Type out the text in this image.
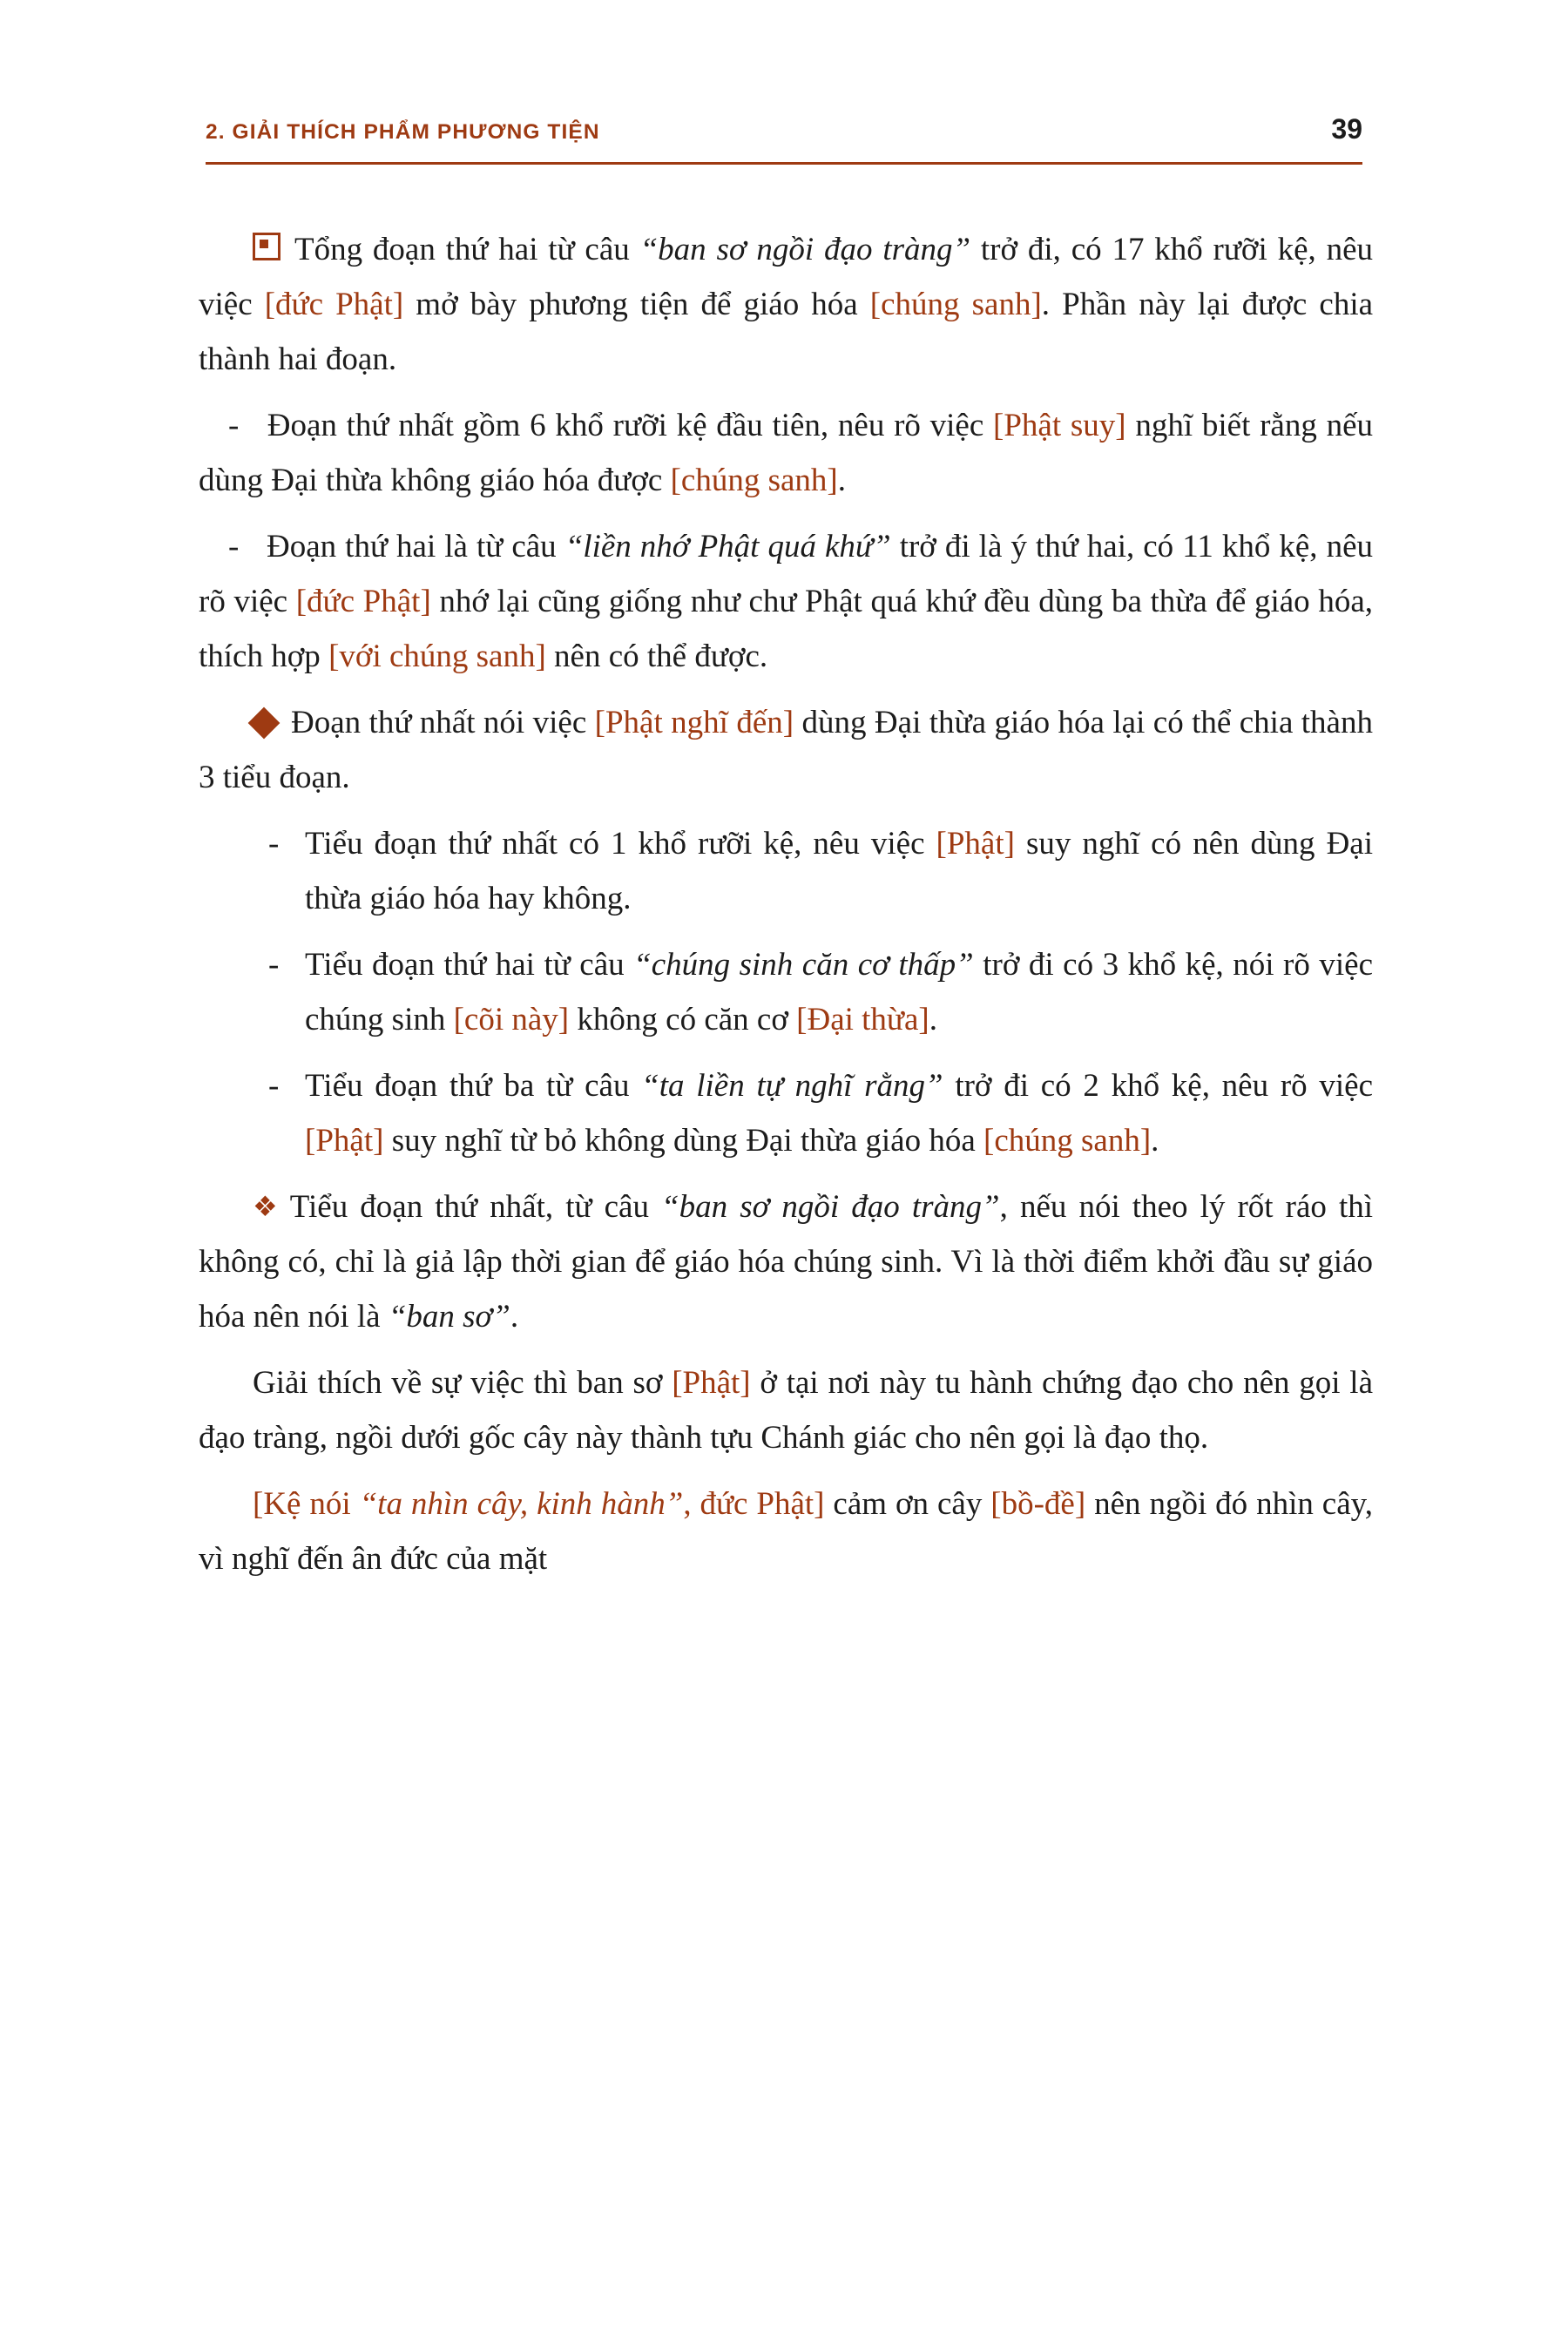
2. GIẢI THÍCH PHẨM PHƯƠNG TIỆN	39

Tổng đoạn thứ hai từ câu “ban sơ ngồi đạo tràng” trở đi, có 17 khổ rưỡi kệ, nêu việc [đức Phật] mở bày phương tiện để giáo hóa [chúng sanh]. Phần này lại được chia thành hai đoạn.

- Đoạn thứ nhất gồm 6 khổ rưỡi kệ đầu tiên, nêu rõ việc [Phật suy] nghĩ biết rằng nếu dùng Đại thừa không giáo hóa được [chúng sanh].

- Đoạn thứ hai là từ câu “liền nhớ Phật quá khứ” trở đi là ý thứ hai, có 11 khổ kệ, nêu rõ việc [đức Phật] nhớ lại cũng giống như chư Phật quá khứ đều dùng ba thừa để giáo hóa, thích hợp [với chúng sanh] nên có thể được.

Đoạn thứ nhất nói việc [Phật nghĩ đến] dùng Đại thừa giáo hóa lại có thể chia thành 3 tiểu đoạn.

- Tiểu đoạn thứ nhất có 1 khổ rưỡi kệ, nêu việc [Phật] suy nghĩ có nên dùng Đại thừa giáo hóa hay không.

- Tiểu đoạn thứ hai từ câu “chúng sinh căn cơ thấp” trở đi có 3 khổ kệ, nói rõ việc chúng sinh [cõi này] không có căn cơ [Đại thừa].

- Tiểu đoạn thứ ba từ câu “ta liền tự nghĩ rằng” trở đi có 2 khổ kệ, nêu rõ việc [Phật] suy nghĩ từ bỏ không dùng Đại thừa giáo hóa [chúng sanh].

❖ Tiểu đoạn thứ nhất, từ câu “ban sơ ngồi đạo tràng”, nếu nói theo lý rốt ráo thì không có, chỉ là giả lập thời gian để giáo hóa chúng sinh. Vì là thời điểm khởi đầu sự giáo hóa nên nói là “ban sơ”.

Giải thích về sự việc thì ban sơ [Phật] ở tại nơi này tu hành chứng đạo cho nên gọi là đạo tràng, ngồi dưới gốc cây này thành tựu Chánh giác cho nên gọi là đạo thọ.

[Kệ nói “ta nhìn cây, kinh hành”, đức Phật] cảm ơn cây [bồ-đề] nên ngồi đó nhìn cây, vì nghĩ đến ân đức của mặt
